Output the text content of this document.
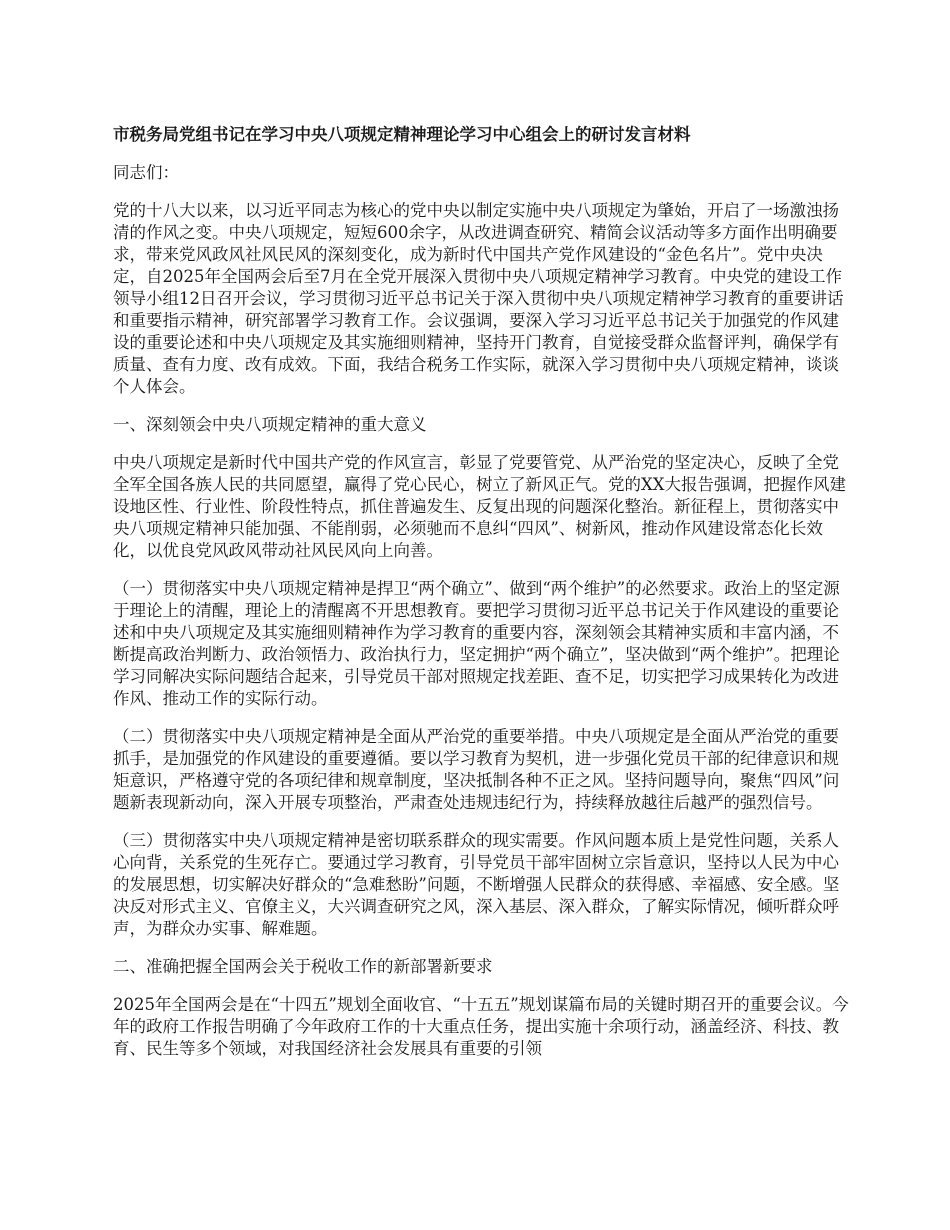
市税务局党组书记在学习中央八项规定精神理论学习中心组会上的研讨发言材料

同志们：

党的十八大以来，以习近平同志为核心的党中央以制定实施中央八项规定为肇始，开启了一场激浊扬清的作风之变。中央八项规定，短短600余字，从改进调查研究、精简会议活动等多方面作出明确要求，带来党风政风社风民风的深刻变化，成为新时代中国共产党作风建设的“金色名片”。党中央决定，自2025年全国两会后至7月在全党开展深入贯彻中央八项规定精神学习教育。中央党的建设工作领导小组12日召开会议，学习贯彻习近平总书记关于深入贯彻中央八项规定精神学习教育的重要讲话和重要指示精神，研究部署学习教育工作。会议强调，要深入学习习近平总书记关于加强党的作风建设的重要论述和中央八项规定及其实施细则精神，坚持开门教育，自觉接受群众监督评判，确保学有质量、查有力度、改有成效。下面，我结合税务工作实际，就深入学习贯彻中央八项规定精神，谈谈个人体会。

一、深刻领会中央八项规定精神的重大意义

中央八项规定是新时代中国共产党的作风宣言，彰显了党要管党、从严治党的坚定决心，反映了全党全军全国各族人民的共同愿望，赢得了党心民心，树立了新风正气。党的XX大报告强调，把握作风建设地区性、行业性、阶段性特点，抓住普遍发生、反复出现的问题深化整治。新征程上，贯彻落实中央八项规定精神只能加强、不能削弱，必须驰而不息纠“四风”、树新风，推动作风建设常态化长效化，以优良党风政风带动社风民风向上向善。

（一）贯彻落实中央八项规定精神是捍卫“两个确立”、做到“两个维护”的必然要求。政治上的坚定源于理论上的清醒，理论上的清醒离不开思想教育。要把学习贯彻习近平总书记关于作风建设的重要论述和中央八项规定及其实施细则精神作为学习教育的重要内容，深刻领会其精神实质和丰富内涵，不断提高政治判断力、政治领悟力、政治执行力，坚定拥护“两个确立”，坚决做到“两个维护”。把理论学习同解决实际问题结合起来，引导党员干部对照规定找差距、查不足，切实把学习成果转化为改进作风、推动工作的实际行动。

（二）贯彻落实中央八项规定精神是全面从严治党的重要举措。中央八项规定是全面从严治党的重要抓手，是加强党的作风建设的重要遵循。要以学习教育为契机，进一步强化党员干部的纪律意识和规矩意识，严格遵守党的各项纪律和规章制度，坚决抵制各种不正之风。坚持问题导向，聚焦“四风”问题新表现新动向，深入开展专项整治，严肃查处违规违纪行为，持续释放越往后越严的强烈信号。

（三）贯彻落实中央八项规定精神是密切联系群众的现实需要。作风问题本质上是党性问题，关系人心向背，关系党的生死存亡。要通过学习教育，引导党员干部牢固树立宗旨意识，坚持以人民为中心的发展思想，切实解决好群众的“急难愁盼”问题，不断增强人民群众的获得感、幸福感、安全感。坚决反对形式主义、官僚主义，大兴调查研究之风，深入基层、深入群众，了解实际情况，倾听群众呼声，为群众办实事、解难题。

二、准确把握全国两会关于税收工作的新部署新要求

2025年全国两会是在“十四五”规划全面收官、“十五五”规划谋篇布局的关键时期召开的重要会议。今年的政府工作报告明确了今年政府工作的十大重点任务，提出实施十余项行动，涵盖经济、科技、教育、民生等多个领域，对我国经济社会发展具有重要的引领
